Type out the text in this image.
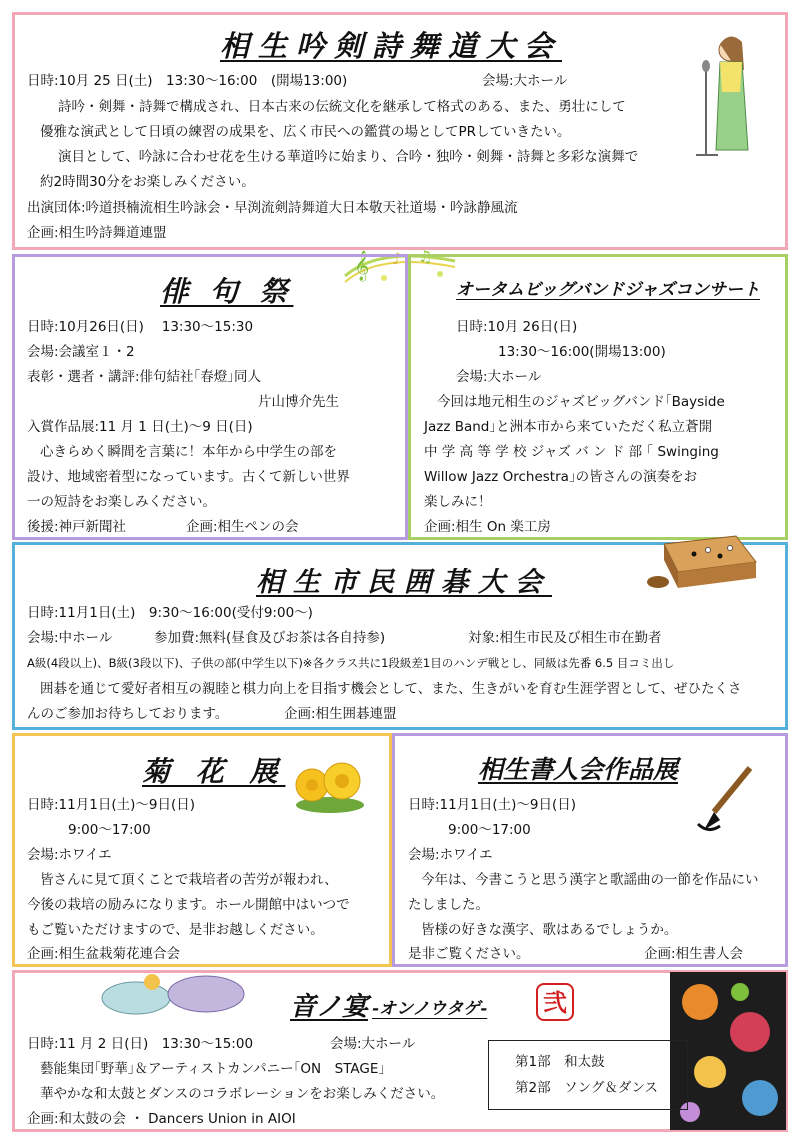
相生吟剣詩舞道大会
日時:10月 25 日(土)　13:30～16:00　(開場13:00)	会場:大ホール
詩吟・剣舞・詩舞で構成され、日本古来の伝統文化を継承して格式のある、また、勇壮にして
優雅な演武として日頃の練習の成果を、広く市民への鑑賞の場としてPRしていきたい。
演目として、吟詠に合わせ花を生ける華道吟に始まり、合吟・独吟・剣舞・詩舞と多彩な演舞で
約2時間30分をお楽しみください。
出演団体:吟道摂楠流相生吟詠会・早渕流剣詩舞道大日本敬天社道場・吟詠静風流
企画:相生吟詩舞道連盟
𝄞 ♪ ♫
俳 句 祭
日時:10月26日(日)　 13:30～15:30
会場:会議室１・2
表彰・選者・講評:俳句結社｢春燈｣同人
片山博介先生
入賞作品展:11 月 1 日(土)～9 日(日)
心きらめく瞬間を言葉に！本年から中学生の部を
設け、地域密着型になっています。古くて新しい世界
一の短詩をお楽しみください。
後援:神戸新聞社	企画:相生ペンの会
オータムビッグバンドジャズコンサート
日時:10月 26日(日)
13:30～16:00(開場13:00)
会場:大ホール
今回は地元相生のジャズビッグバンド｢Bayside
Jazz Band｣と洲本市から来ていただく私立蒼開
中 学 高 等 学 校 ジャズ バ ン ド 部 ｢ Swinging
Willow Jazz Orchestra｣の皆さんの演奏をお
楽しみに！
企画:相生 On 楽工房
相生市民囲碁大会
日時:11月1日(土)　9:30～16:00(受付9:00～)
会場:中ホール	参加費:無料(昼食及びお茶は各自持参)	対象:相生市民及び相生市在勤者
A級(4段以上)、B級(3段以下)、子供の部(中学生以下)※各クラス共に1段級差1目のハンデ戦とし、同級は先番 6.5 目コミ出し
囲碁を通じて愛好者相互の親睦と棋力向上を目指す機会として、また、生きがいを育む生涯学習として、ぜひたくさ
んのご参加お待ちしております。	企画:相生囲碁連盟
菊 花 展
日時:11月1日(土)～9日(日)
9:00～17:00
会場:ホワイエ
皆さんに見て頂くことで栽培者の苦労が報われ、
今後の栽培の励みになります。ホール開館中はいつで
もご覧いただけますので、是非お越しください。
企画:相生盆栽菊花連合会
相生書人会作品展
日時:11月1日(土)～9日(日)
9:00～17:00
会場:ホワイエ
今年は、今書こうと思う漢字と歌謡曲の一節を作品にい
たしました。
皆様の好きな漢字、歌はあるでしょうか。
是非ご覧ください。	企画:相生書人会
音ノ宴 -オンノウタゲ- 弐
日時:11 月 2 日(日)　13:30～15:00	会場:大ホール
藝能集団｢野華｣＆アーティストカンパニー｢ON　STAGE｣
華やかな和太鼓とダンスのコラボレーションをお楽しみください。
企画:和太鼓の会 ・ Dancers Union in AIOI
第1部　和太鼓
第2部　ソング＆ダンス
